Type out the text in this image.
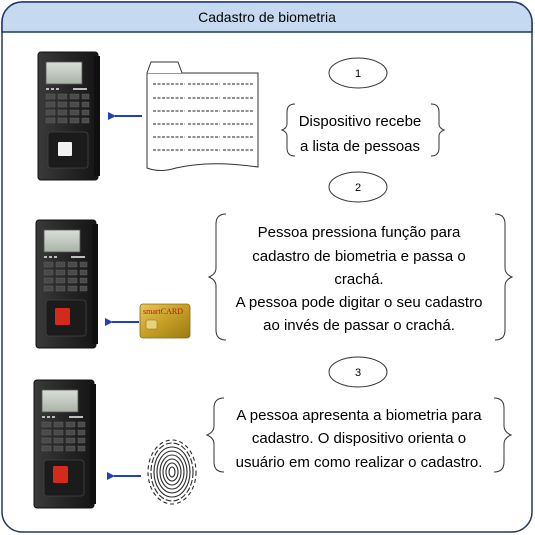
Cadastro de biometria
1
Dispositivo recebe
a lista de pessoas
2
smartCARD
Pessoa pressiona função para
cadastro de biometria e passa o
crachá.
A pessoa pode digitar o seu cadastro
ao invés de passar o crachá.
3
A pessoa apresenta a biometria para
cadastro. O dispositivo orienta o
usuário em como realizar o cadastro.
